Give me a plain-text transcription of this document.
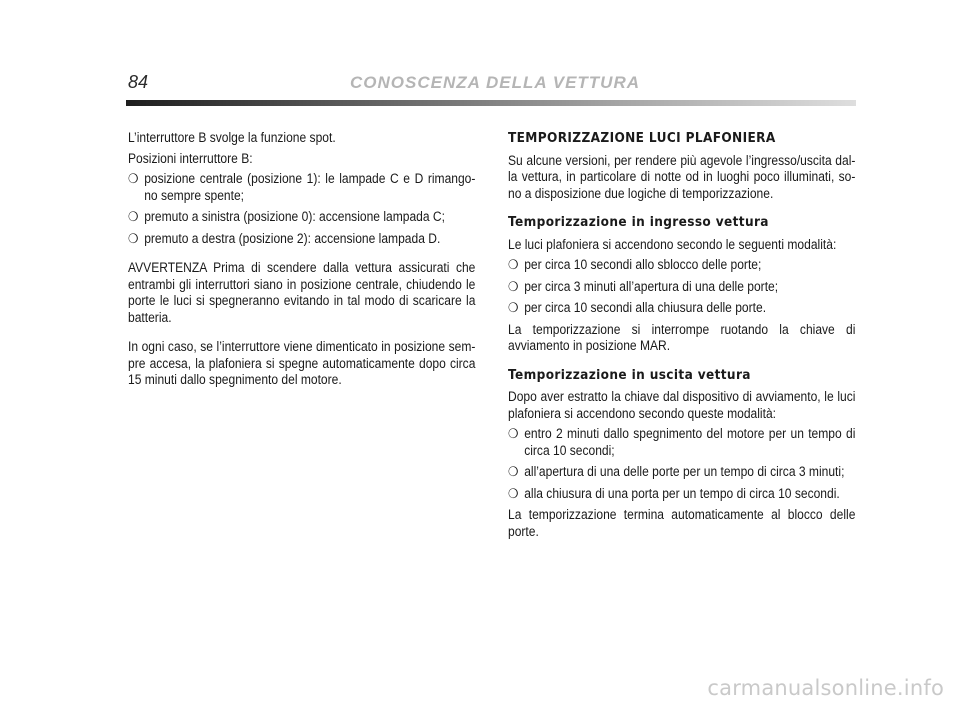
84	CONOSCENZA DELLA VETTURA

L’interruttore B svolge la funzione spot.

Posizioni interruttore B:

❍ posizione centrale (posizione 1): le lampade C e D rimango-no sempre spente;
❍ premuto a sinistra (posizione 0): accensione lampada C;
❍ premuto a destra (posizione 2): accensione lampada D.

AVVERTENZA Prima di scendere dalla vettura assicurati che entrambi gli interruttori siano in posizione centrale, chiudendo le porte le luci si spegneranno evitando in tal modo di scaricare la batteria.

In ogni caso, se l’interruttore viene dimenticato in posizione sem-pre accesa, la plafoniera si spegne automaticamente dopo circa 15 minuti dallo spegnimento del motore.

TEMPORIZZAZIONE LUCI PLAFONIERA

Su alcune versioni, per rendere più agevole l’ingresso/uscita dal-la vettura, in particolare di notte od in luoghi poco illuminati, so-no a disposizione due logiche di temporizzazione.

Temporizzazione in ingresso vettura

Le luci plafoniera si accendono secondo le seguenti modalità:

❍ per circa 10 secondi allo sblocco delle porte;
❍ per circa 3 minuti all’apertura di una delle porte;
❍ per circa 10 secondi alla chiusura delle porte.

La temporizzazione si interrompe ruotando la chiave di avviamento in posizione MAR.

Temporizzazione in uscita vettura

Dopo aver estratto la chiave dal dispositivo di avviamento, le luci plafoniera si accendono secondo queste modalità:

❍ entro 2 minuti dallo spegnimento del motore per un tempo di circa 10 secondi;
❍ all’apertura di una delle porte per un tempo di circa 3 minuti;
❍ alla chiusura di una porta per un tempo di circa 10 secondi.

La temporizzazione termina automaticamente al blocco delle porte.

carmanualsonline.info
